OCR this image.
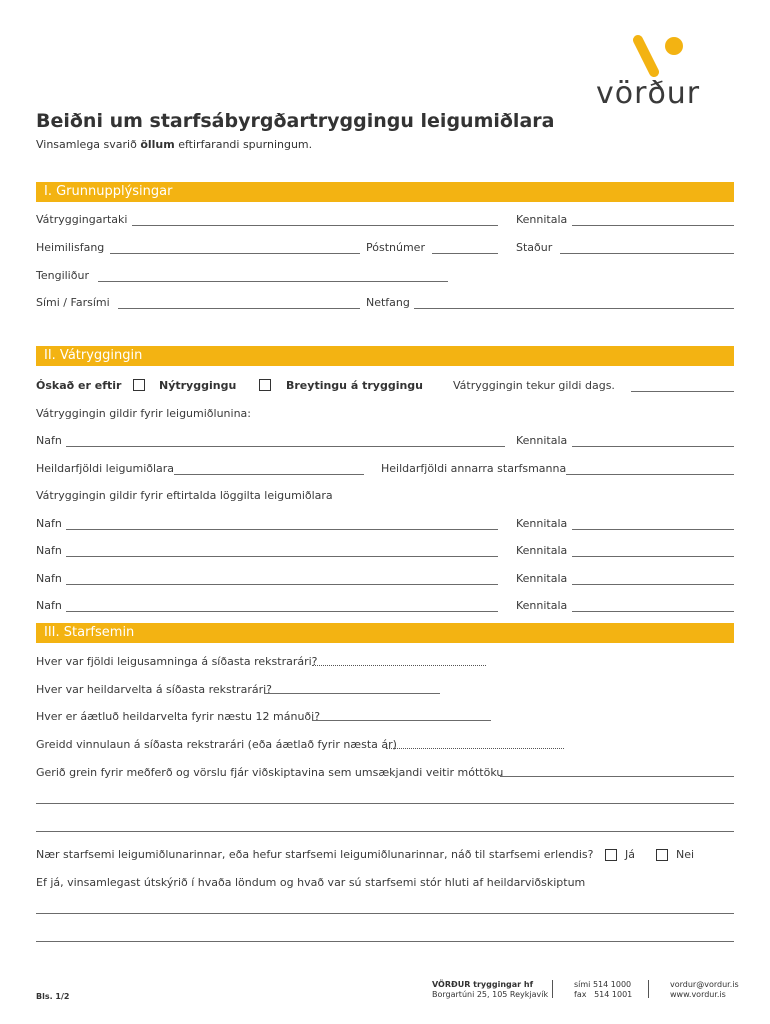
vörður
Beiðni um starfsábyrgðartryggingu leigumiðlara
Vinsamlega svarið öllum eftirfarandi spurningum.
I. Grunnupplýsingar
Vátryggingartaki	Kennitala
Heimilisfang	Póstnúmer	Staður
Tengiliður
Sími / Farsími	Netfang
II. Vátryggingin
Óskað er eftir	Nýtryggingu	Breytingu á tryggingu	Vátryggingin tekur gildi dags.
Vátryggingin gildir fyrir leigumiðlunina:
Nafn	Kennitala
Heildarfjöldi leigumiðlara	Heildarfjöldi annarra starfsmanna
Vátryggingin gildir fyrir eftirtalda löggilta leigumiðlara
Nafn	Kennitala
Nafn	Kennitala
Nafn	Kennitala
Nafn	Kennitala
III. Starfsemin
Hver var fjöldi leigusamninga á síðasta rekstrarári?
Hver var heildarvelta á síðasta rekstrarári?
Hver er áætluð heildarvelta fyrir næstu 12 mánuði?
Greidd vinnulaun á síðasta rekstrarári (eða áætlað fyrir næsta ár)
Gerið grein fyrir meðferð og vörslu fjár viðskiptavina sem umsækjandi veitir móttöku
Nær starfsemi leigumiðlunarinnar, eða hefur starfsemi leigumiðlunarinnar, náð til starfsemi erlendis?	Já	Nei
Ef já, vinsamlegast útskýrið í hvaða löndum og hvað var sú starfsemi stór hluti af heildarviðskiptum
Bls. 1/2
VÖRÐUR tryggingar hf
Borgartúni 25, 105 Reykjavík
sími 514 1000
fax   514 1001
vordur@vordur.is
www.vordur.is
